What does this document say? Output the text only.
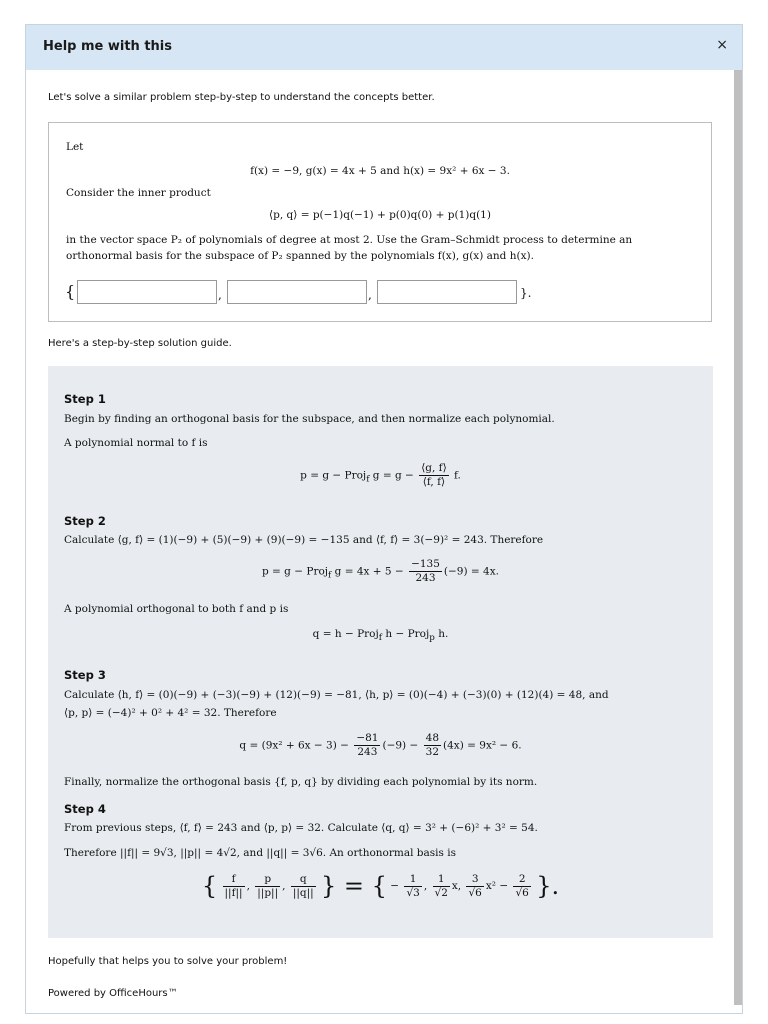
Help me with this	×
Let's solve a similar problem step-by-step to understand the concepts better.
Let
f(x) = −9, g(x) = 4x + 5 and h(x) = 9x² + 6x − 3.
Consider the inner product
⟨p, q⟩ = p(−1)q(−1) + p(0)q(0) + p(1)q(1)
in the vector space P₂ of polynomials of degree at most 2. Use the Gram–Schmidt process to determine an orthonormal basis for the subspace of P₂ spanned by the polynomials f(x), g(x) and h(x).
{	,	,	}.
Here's a step-by-step solution guide.
Step 1
Begin by finding an orthogonal basis for the subspace, and then normalize each polynomial.
A polynomial normal to f is
p = g − Proj$_f$ $g = g - \frac{⟨g, f⟩}{⟨f, f⟩} f$.
Step 2
Calculate ⟨g, f⟩ = (1)(−9) + (5)(−9) + (9)(−9) = −135 and ⟨f, f⟩ = 3(−9)² = 243. Therefore
p = g − Proj$_f$ $g = 4x + 5 - \frac{-135}{243} (-9) = 4x$.
A polynomial orthogonal to both f and p is
q = h − Proj$_f$ h − Proj$_p$ h.
Step 3
Calculate ⟨h, f⟩ = (0)(−9) + (−3)(−9) + (12)(−9) = −81, ⟨h, p⟩ = (0)(−4) + (−3)(0) + (12)(4) = 48, and
⟨p, p⟩ = (−4)² + 0² + 4² = 32. Therefore
$q = (9x^2 + 6x - 3) - \frac{-81}{243} (-9) - \frac{48}{32} (4x) = 9x^2 - 6$.
Finally, normalize the orthogonal basis {f, p, q} by dividing each polynomial by its norm.
Step 4
From previous steps, ⟨f, f⟩ = 243 and ⟨p, p⟩ = 32. Calculate ⟨q, q⟩ = 3² + (−6)² + 3² = 54.
Therefore ||f|| = 9√3, ||p|| = 4√2, and ||q|| = 3√6. An orthonormal basis is
{ $\frac{f}{||f||}$ , $\frac{p}{||p||}$ , $\frac{q}{||q||}$ } = { − $\frac{1}{√3}$ , $\frac{1}{√2} x$, $\frac{3}{√6} x^2 - \frac{2}{√6}$ }.
Hopefully that helps you to solve your problem!
Powered by OfficeHours™
